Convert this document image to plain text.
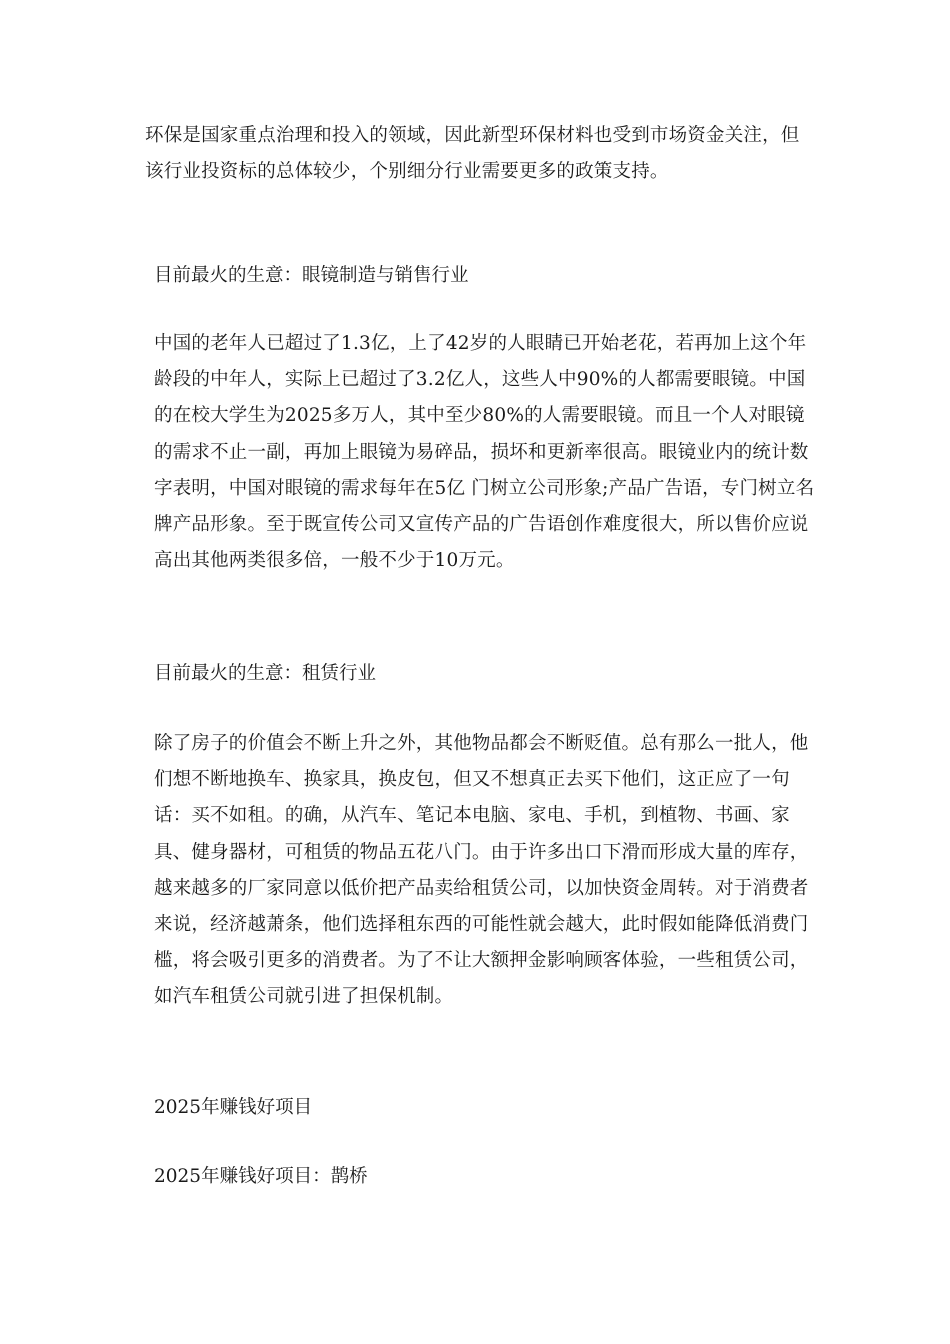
环保是国家重点治理和投入的领域，因此新型环保材料也受到市场资金关注，但该行业投资标的总体较少，个别细分行业需要更多的政策支持。

目前最火的生意：眼镜制造与销售行业

中国的老年人已超过了1.3亿，上了42岁的人眼睛已开始老花，若再加上这个年龄段的中年人，实际上已超过了3.2亿人，这些人中90%的人都需要眼镜。中国的在校大学生为2025多万人，其中至少80%的人需要眼镜。而且一个人对眼镜的需求不止一副，再加上眼镜为易碎品，损坏和更新率很高。眼镜业内的统计数字表明，中国对眼镜的需求每年在5亿 门树立公司形象;产品广告语，专门树立名牌产品形象。至于既宣传公司又宣传产品的广告语创作难度很大，所以售价应说高出其他两类很多倍，一般不少于10万元。

目前最火的生意：租赁行业

除了房子的价值会不断上升之外，其他物品都会不断贬值。总有那么一批人，他们想不断地换车、换家具，换皮包，但又不想真正去买下他们，这正应了一句话：买不如租。的确，从汽车、笔记本电脑、家电、手机，到植物、书画、家具、健身器材，可租赁的物品五花八门。由于许多出口下滑而形成大量的库存，越来越多的厂家同意以低价把产品卖给租赁公司，以加快资金周转。对于消费者来说，经济越萧条，他们选择租东西的可能性就会越大，此时假如能降低消费门槛，将会吸引更多的消费者。为了不让大额押金影响顾客体验，一些租赁公司，如汽车租赁公司就引进了担保机制。

2025年赚钱好项目

2025年赚钱好项目：鹊桥
